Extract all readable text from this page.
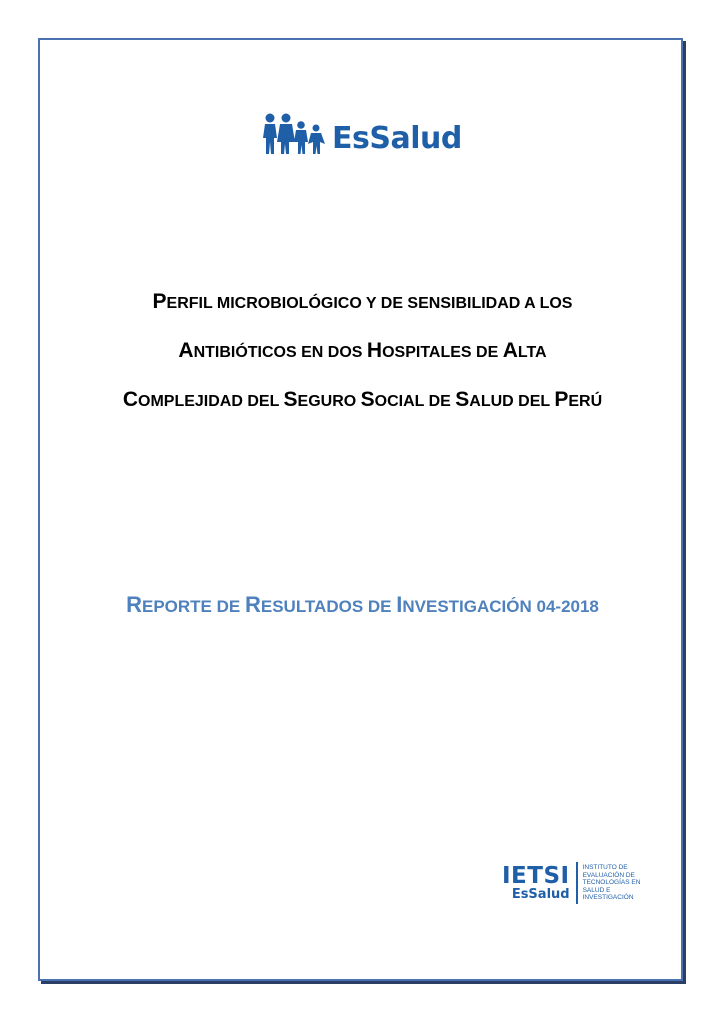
EsSalud
PERFIL MICROBIOLÓGICO Y DE SENSIBILIDAD A LOS
ANTIBIÓTICOS EN DOS HOSPITALES DE ALTA
COMPLEJIDAD DEL SEGURO SOCIAL DE SALUD DEL PERÚ
REPORTE DE RESULTADOS DE INVESTIGACIÓN 04-2018
IETSI
EsSalud
INSTITUTO DE
EVALUACIÓN DE
TECNOLOGÍAS EN
SALUD E
INVESTIGACIÓN
